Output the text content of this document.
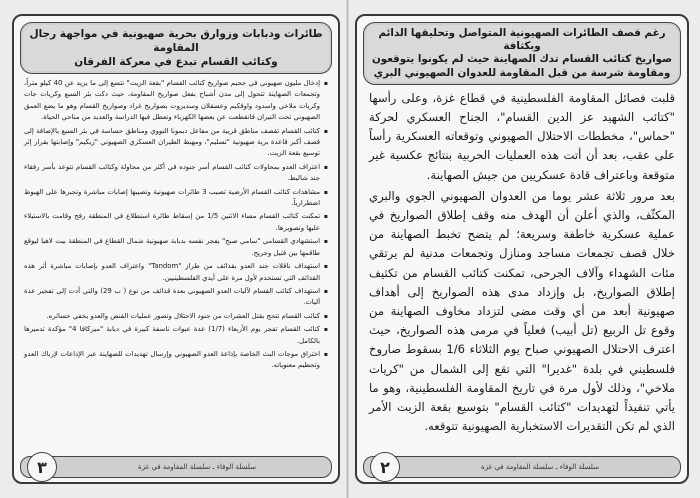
طائرات ودبابات وزوارق بحرية صهيونية في مواجهة رجال المقاومة
وكتائب القسام تبدع في معركة الفرقان
▪ إدخال مليون صهيوني في جحيم صواريخ كتائب القسام "بقعة الزيت" تتسع إلى ما يزيد عن 40 كيلو متراً، وتجمعات الصهاينة تتحول إلى مدن أشباح بفعل صواريخ المقاومة، حيث دكت بئر السبع وكريات جات وكريات ملاخي واسدود واوفكيم وعسقلان وسديروت بصواريخ غراد وصواريخ القسام وهو ما يضع العمق الصهيوني تحت النيران فانقطعت عن بعضها الكهرباء وتعطل فيها الدراسة والعديد من مناحي الحياة.
▪ كتائب القسام تقصف مناطق قريبة من مفاعل ديمونا النووي ومناطق حساسة في بئر السبع بالإضافة إلى قصف أكبر قاعدة برية صهيونية "تسليم"، ومهبط الطيران العسكري الصهيوني "زيكيم" وإصابتها بقرار إثر توسيع بقعة الزيت.
▪ اعتراف العدو بمحاولات كتائب القسام أسر جنوده في أكثر من محاولة وكتائب القسام تتوعد بأسر رفقاء جند شاليط.
▪ مشاهدات كتائب القسام الأرضية تصيب 3 طائرات صهيونية وتصيبها إصابات مباشرة وتجبرها على الهبوط اضطرارياً.
▪ تمكنت كتائب القسام مساء الاثنين 1/5 من إسقاط طائرة استطلاع في المنطقة رفح وقامت بالاستيلاء عليها وتصويرها.
▪ استشهادي القسامي "سامي صبح" يفجر نفسه بدبابة صهيونية شمال القطاع في المنطقة بيت لاهيا ليوقع طاقمها بين قتيل وجريح.
▪ استهداف ناقلات جند العدو بقذائف من طراز "Tandom" واعتراف العدو بإصابات مباشرة أثر هذه القذائف التي تستخدم لأول مرة على أيدي الفلسطينيين.
▪ استهداف كتائب القسام لآليات العدو الصهيوني بعدة قذائف من نوع ( ب 29) والتي أدت إلى تفجير عدة آليات.
▪ كتائب القسام تتحج بقتل العشرات من جنود الاحتلال وتصور عمليات القنص والعدو يخفي خسائره.
▪ كتائب القسام تفجر يوم الأربعاء (1/7) عدة عبوات ناسفة كبيرة في دبابة "ميركافا 4" مؤكدة تدميرها بالكامل.
▪ اختراق موجات البث الخاصة بإذاعة العدو الصهيوني وإرسال تهديدات للصهاينة عبر الإذاعات لإرباك العدو وتحطيم معنوياته.
سلسلة الوفاء ـ سلسلة المقاومة في غزة
٣
رغم قصف الطائرات الصهيونية المتواصل وتحليقها الدائم وبكثافة
صواريخ كتائب القسام تدك الصهاينة حيث لم يكونوا يتوقعون
ومقاومة شرسة من قبل المقاومة للعدوان الصهيوني البري

قلبت فصائل المقاومة الفلسطينية في قطاع غزة، وعلى رأسها "كتائب الشهيد عز الدين القسام"، الجناح العسكري لحركة "حماس"، مخططات الاحتلال الصهيوني وتوقعاته العسكرية رأساً على عقب، بعد أن أتت هذه العمليات الحربية بنتائج عكسية غير متوقعة وباعتراف قادة عسكريين من جيش الصهاينة.

بعد مرور ثلاثة عشر يوما من العدوان الصهيوني الجوي والبري المكثّف، والذي أعلن أن الهدف منه وقف إطلاق الصواريخ في عملية عسكرية خاطفة وسريعة؛ لم يتضح تخبط الصهاينة من خلال قصف تجمعات مساجد ومنازل وتجمعات مدنية لم يرتقي مئات الشهداء وآلاف الجرحى، تمكنت كتائب القسام من تكثيف إطلاق الصواريخ، بل وإزداد مدى هذه الصواريخ إلى أهداف صهيونية أبعد من أي وقت مضى لتزداد مخاوف الصهاينة من وقوع تل الربيع (تل أبيب) فعلياً في مرمى هذه الصواريخ، حيث اعترف الاحتلال الصهيوني صباح يوم الثلاثاء 1/6 بسقوط صاروخ فلسطيني في بلدة "غديرا" التي تقع إلى الشمال من "كريات ملاخي"، وذلك لأول مرة في تاريخ المقاومة الفلسطينية، وهو ما يأتي تنفيذاً لتهديدات "كتائب القسام" بتوسيع بقعة الزيت الأمر الذي لم تكن التقديرات الاستخبارية الصهيونية تتوقعه.

سلسلة الوفاء ـ سلسلة المقاومة في غزة
٢
